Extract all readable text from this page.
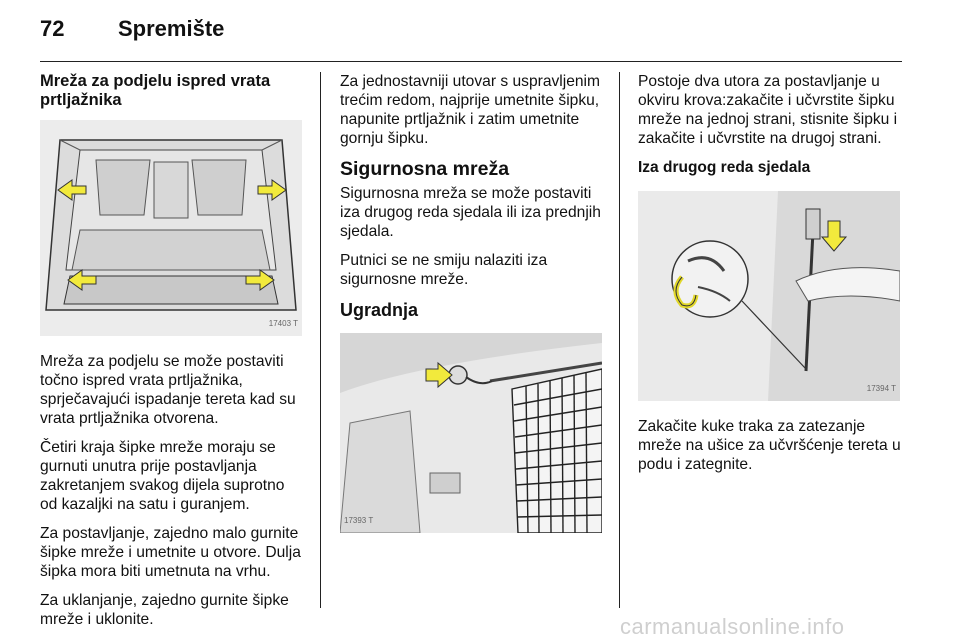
72	Spremište
Mreža za podjelu ispred vrata prtljažnika
17403 T

Mreža za podjelu se može postaviti točno ispred vrata prtljažnika, sprječavajući ispadanje tereta kad su vrata prtljažnika otvorena.

Četiri kraja šipke mreže moraju se gurnuti unutra prije postavljanja zakretanjem svakog dijela suprotno od kazaljki na satu i guranjem.

Za postavljanje, zajedno malo gurnite šipke mreže i umetnite u otvore. Dulja šipka mora biti umetnuta na vrhu.

Za uklanjanje, zajedno gurnite šipke mreže i uklonite.

Za jednostavniji utovar s uspravljenim trećim redom, najprije umetnite šipku, napunite prtljažnik i zatim umetnite gornju šipku.

Sigurnosna mreža

Sigurnosna mreža se može postaviti iza drugog reda sjedala ili iza prednjih sjedala.

Putnici se ne smiju nalaziti iza sigurnosne mreže.

Ugradnja
17393 T

Postoje dva utora za postavljanje u okviru krova:zakačite i učvrstite šipku mreže na jednoj strani, stisnite šipku i zakačite i učvrstite na drugoj strani.

Iza drugog reda sjedala
17394 T

Zakačite kuke traka za zatezanje mreže na ušice za učvršćenje tereta u podu i zategnite.

carmanualsonline.info
